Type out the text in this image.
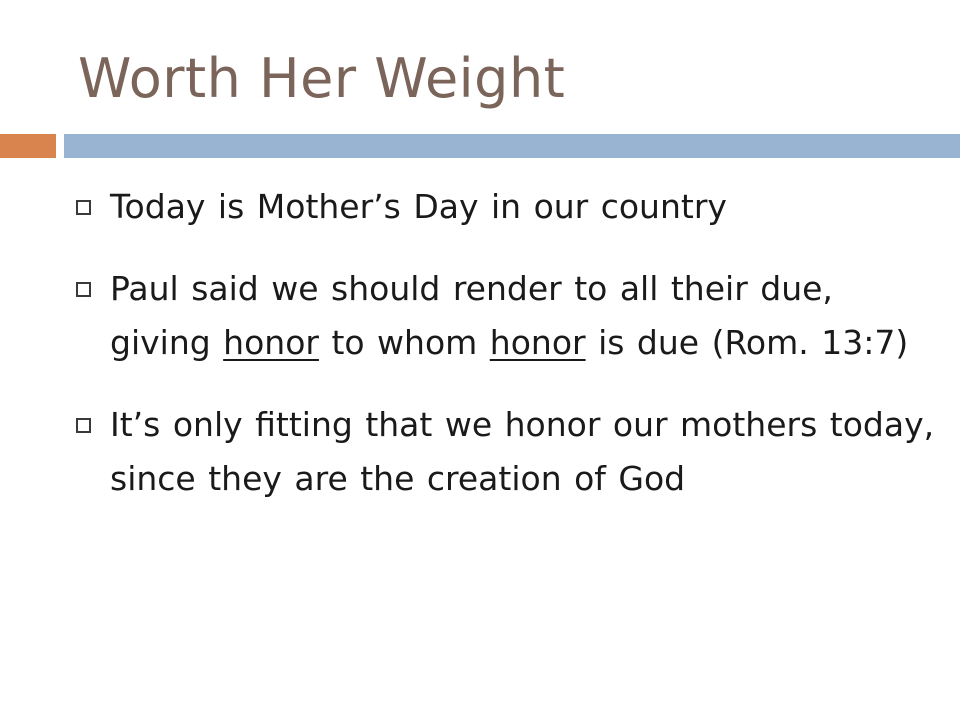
Worth Her Weight
Today is Mother’s Day in our country
Paul said we should render to all their due, giving honor to whom honor is due (Rom. 13:7)
It’s only fitting that we honor our mothers today, since they are the creation of God
